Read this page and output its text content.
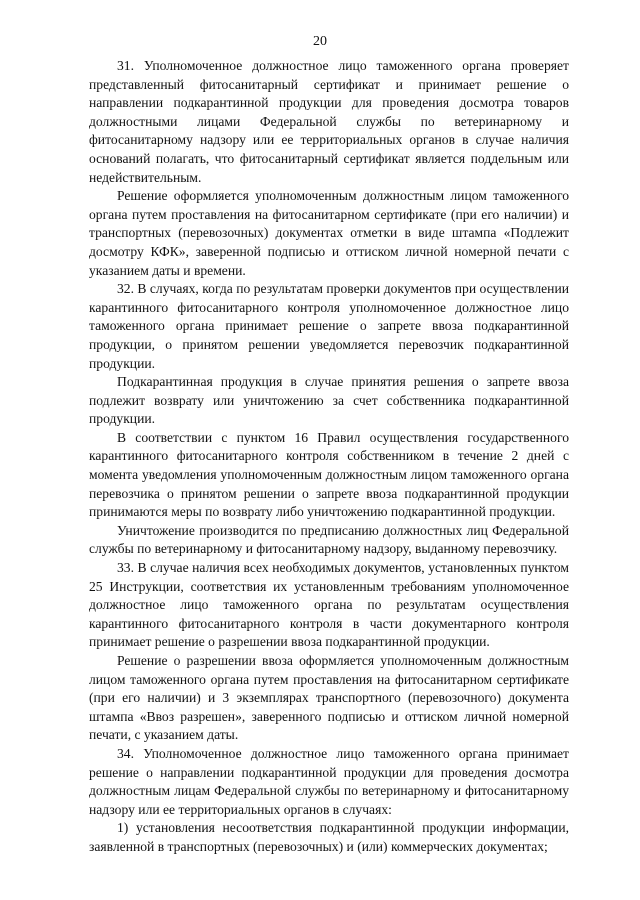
20

31. Уполномоченное должностное лицо таможенного органа проверяет представленный фитосанитарный сертификат и принимает решение о направлении подкарантинной продукции для проведения досмотра товаров должностными лицами Федеральной службы по ветеринарному и фитосанитарному надзору или ее территориальных органов в случае наличия оснований полагать, что фитосанитарный сертификат является поддельным или недействительным.

Решение оформляется уполномоченным должностным лицом таможенного органа путем проставления на фитосанитарном сертификате (при его наличии) и транспортных (перевозочных) документах отметки в виде штампа «Подлежит досмотру КФК», заверенной подписью и оттиском личной номерной печати с указанием даты и времени.

32. В случаях, когда по результатам проверки документов при осуществлении карантинного фитосанитарного контроля уполномоченное должностное лицо таможенного органа принимает решение о запрете ввоза подкарантинной продукции, о принятом решении уведомляется перевозчик подкарантинной продукции.

Подкарантинная продукция в случае принятия решения о запрете ввоза подлежит возврату или уничтожению за счет собственника подкарантинной продукции.

В соответствии с пунктом 16 Правил осуществления государственного карантинного фитосанитарного контроля собственником в течение 2 дней с момента уведомления уполномоченным должностным лицом таможенного органа перевозчика о принятом решении о запрете ввоза подкарантинной продукции принимаются меры по возврату либо уничтожению подкарантинной продукции.

Уничтожение производится по предписанию должностных лиц Федеральной службы по ветеринарному и фитосанитарному надзору, выданному перевозчику.

33. В случае наличия всех необходимых документов, установленных пунктом 25 Инструкции, соответствия их установленным требованиям уполномоченное должностное лицо таможенного органа по результатам осуществления карантинного фитосанитарного контроля в части документарного контроля принимает решение о разрешении ввоза подкарантинной продукции.

Решение о разрешении ввоза оформляется уполномоченным должностным лицом таможенного органа путем проставления на фитосанитарном сертификате (при его наличии) и 3 экземплярах транспортного (перевозочного) документа штампа «Ввоз разрешен», заверенного подписью и оттиском личной номерной печати, с указанием даты.

34. Уполномоченное должностное лицо таможенного органа принимает решение о направлении подкарантинной продукции для проведения досмотра должностным лицам Федеральной службы по ветеринарному и фитосанитарному надзору или ее территориальных органов в случаях:

1) установления несоответствия подкарантинной продукции информации, заявленной в транспортных (перевозочных) и (или) коммерческих документах;
